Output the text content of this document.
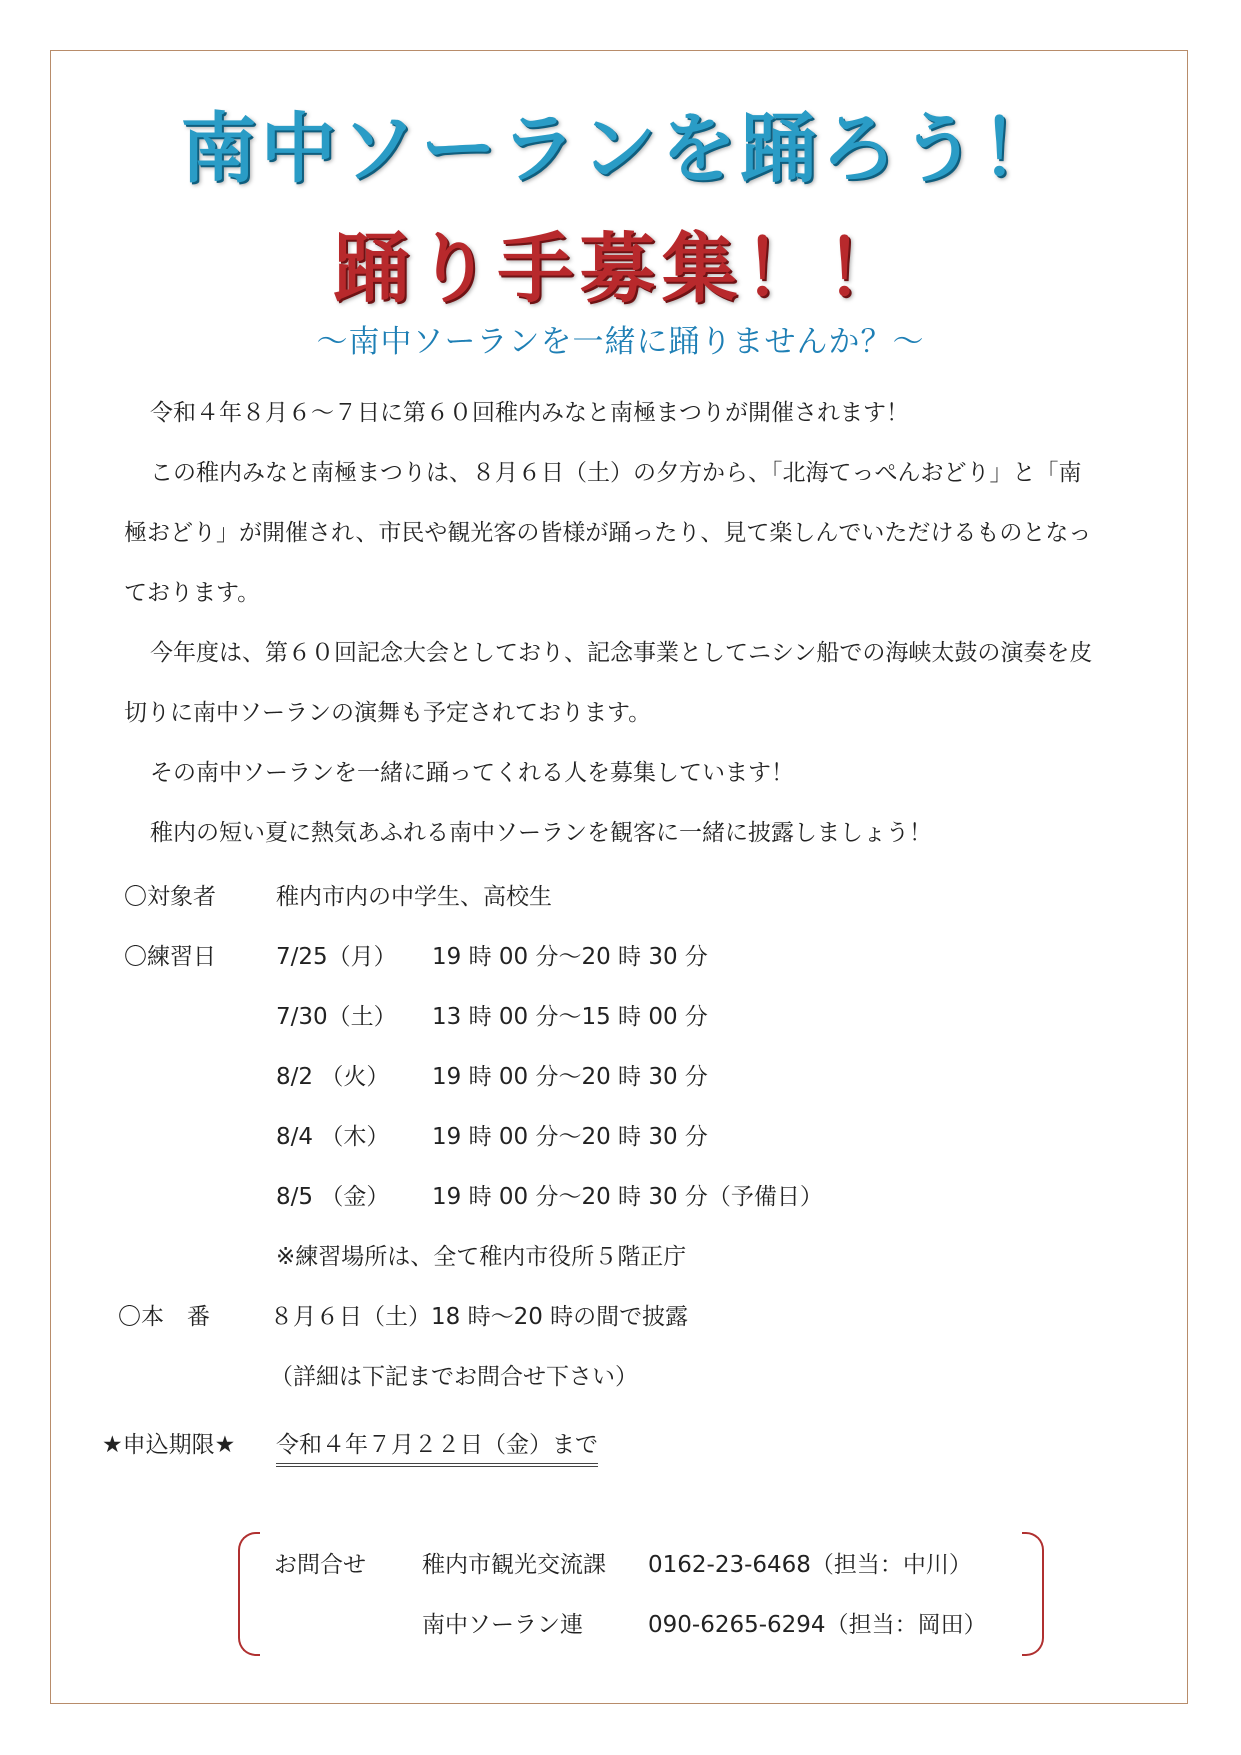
南中ソーランを踊ろう！
踊り手募集！！
～南中ソーランを一緒に踊りませんか？～
令和４年８月６～７日に第６０回稚内みなと南極まつりが開催されます！
この稚内みなと南極まつりは、８月６日（土）の夕方から、「北海てっぺんおどり」と「南
極おどり」が開催され、市民や観光客の皆様が踊ったり、見て楽しんでいただけるものとなっ
ております。
今年度は、第６０回記念大会としており、記念事業としてニシン船での海峡太鼓の演奏を皮
切りに南中ソーランの演舞も予定されております。
その南中ソーランを一緒に踊ってくれる人を募集しています！
稚内の短い夏に熱気あふれる南中ソーランを観客に一緒に披露しましょう！
〇対象者	稚内市内の中学生、高校生
〇練習日	7/25（月） 19 時 00 分～20 時 30 分
7/30（土） 13 時 00 分～15 時 00 分
8/2 （火） 19 時 00 分～20 時 30 分
8/4 （木） 19 時 00 分～20 時 30 分
8/5 （金） 19 時 00 分～20 時 30 分（予備日）
※練習場所は、全て稚内市役所５階正庁
〇本　番	８月６日（土）18 時～20 時の間で披露
（詳細は下記までお問合せ下さい）
★申込期限★ 令和４年７月２２日（金）まで
お問合せ 稚内市観光交流課 0162-23-6468（担当：中川）
南中ソーラン連	090-6265-6294（担当：岡田）
